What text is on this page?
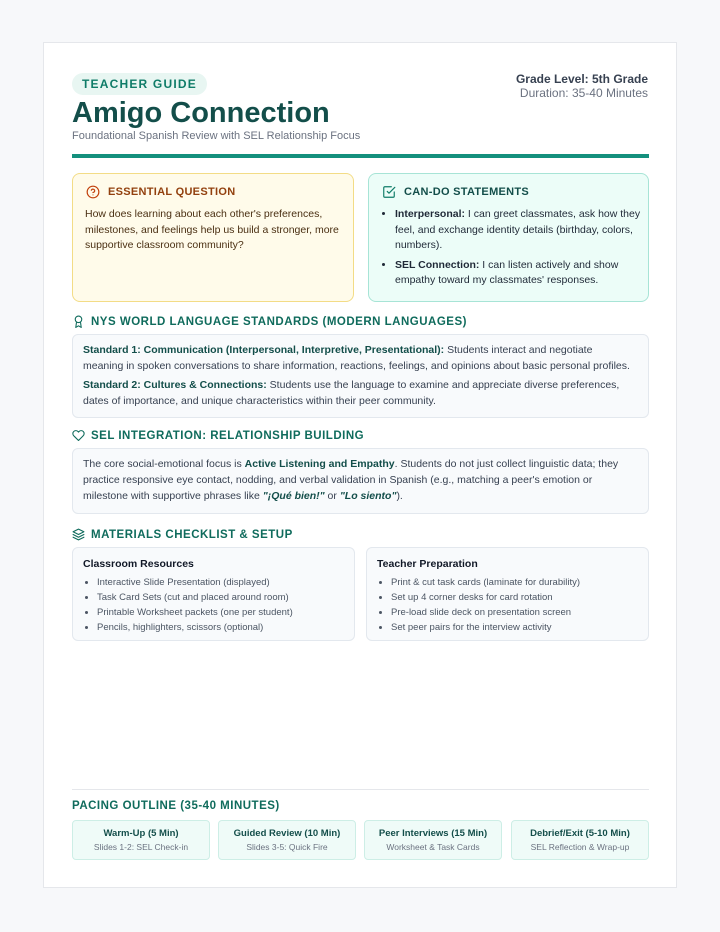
TEACHER GUIDE
Amigo Connection
Foundational Spanish Review with SEL Relationship Focus
Grade Level: 5th Grade
Duration: 35-40 Minutes
ESSENTIAL QUESTION
How does learning about each other's preferences, milestones, and feelings help us build a stronger, more supportive classroom community?
CAN-DO STATEMENTS
• Interpersonal: I can greet classmates, ask how they feel, and exchange identity details (birthday, colors, numbers).
• SEL Connection: I can listen actively and show empathy toward my classmates' responses.
NYS WORLD LANGUAGE STANDARDS (MODERN LANGUAGES)

Standard 1: Communication (Interpersonal, Interpretive, Presentational): Students interact and negotiate meaning in spoken conversations to share information, reactions, feelings, and opinions about basic personal profiles.

Standard 2: Cultures & Connections: Students use the language to examine and appreciate diverse preferences, dates of importance, and unique characteristics within their peer community.

SEL INTEGRATION: RELATIONSHIP BUILDING

The core social-emotional focus is Active Listening and Empathy. Students do not just collect linguistic data; they practice responsive eye contact, nodding, and verbal validation in Spanish (e.g., matching a peer's emotion or milestone with supportive phrases like "¡Qué bien!" or "Lo siento").

MATERIALS CHECKLIST & SETUP
Classroom Resources
• Interactive Slide Presentation (displayed)
• Task Card Sets (cut and placed around room)
• Printable Worksheet packets (one per student)
• Pencils, highlighters, scissors (optional)
Teacher Preparation
• Print & cut task cards (laminate for durability)
• Set up 4 corner desks for card rotation
• Pre-load slide deck on presentation screen
• Set peer pairs for the interview activity
PACING OUTLINE (35-40 MINUTES)
Warm-Up (5 Min)
Slides 1-2: SEL Check-in
Guided Review (10 Min)
Slides 3-5: Quick Fire
Peer Interviews (15 Min)
Worksheet & Task Cards
Debrief/Exit (5-10 Min)
SEL Reflection & Wrap-up
